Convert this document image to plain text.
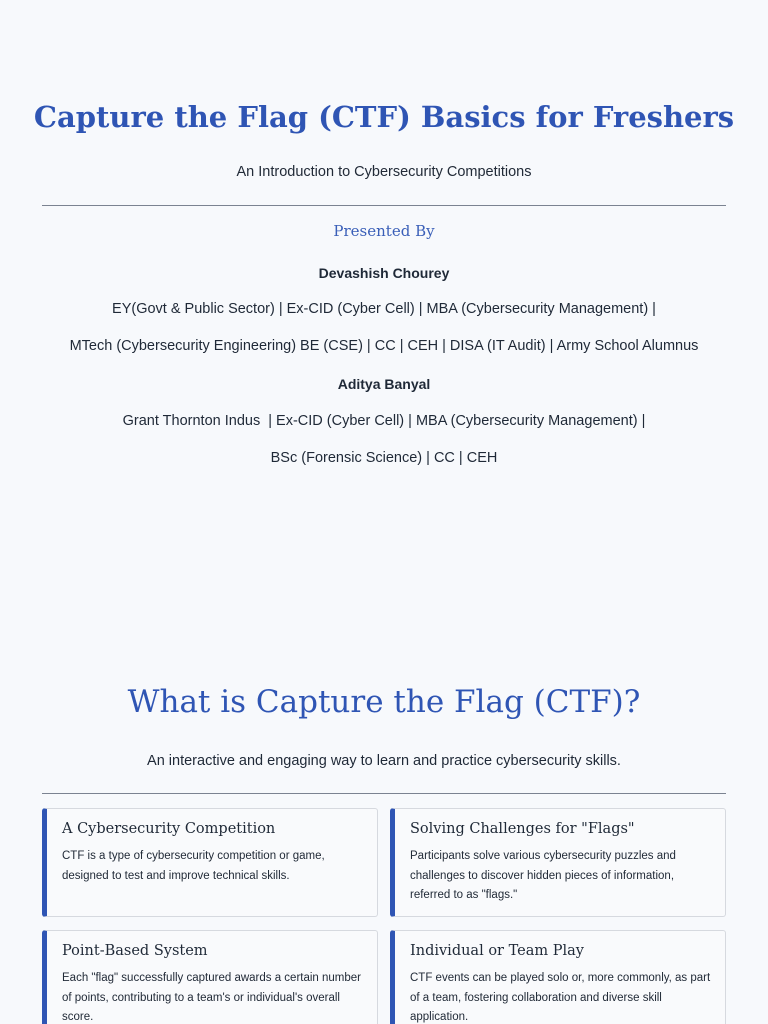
Capture the Flag (CTF) Basics for Freshers
An Introduction to Cybersecurity Competitions
Presented By
Devashish Chourey
EY(Govt & Public Sector) | Ex-CID (Cyber Cell) | MBA (Cybersecurity Management) |
MTech (Cybersecurity Engineering) BE (CSE) | CC | CEH | DISA (IT Audit) | Army School Alumnus
Aditya Banyal
Grant Thornton Indus  | Ex-CID (Cyber Cell) | MBA (Cybersecurity Management) |
BSc (Forensic Science) | CC | CEH
What is Capture the Flag (CTF)?
An interactive and engaging way to learn and practice cybersecurity skills.
A Cybersecurity Competition

CTF is a type of cybersecurity competition or game, designed to test and improve technical skills.

Solving Challenges for "Flags"

Participants solve various cybersecurity puzzles and challenges to discover hidden pieces of information, referred to as "flags."

Point-Based System

Each "flag" successfully captured awards a certain number of points, contributing to a team's or individual's overall score.

Individual or Team Play

CTF events can be played solo or, more commonly, as part of a team, fostering collaboration and diverse skill application.
